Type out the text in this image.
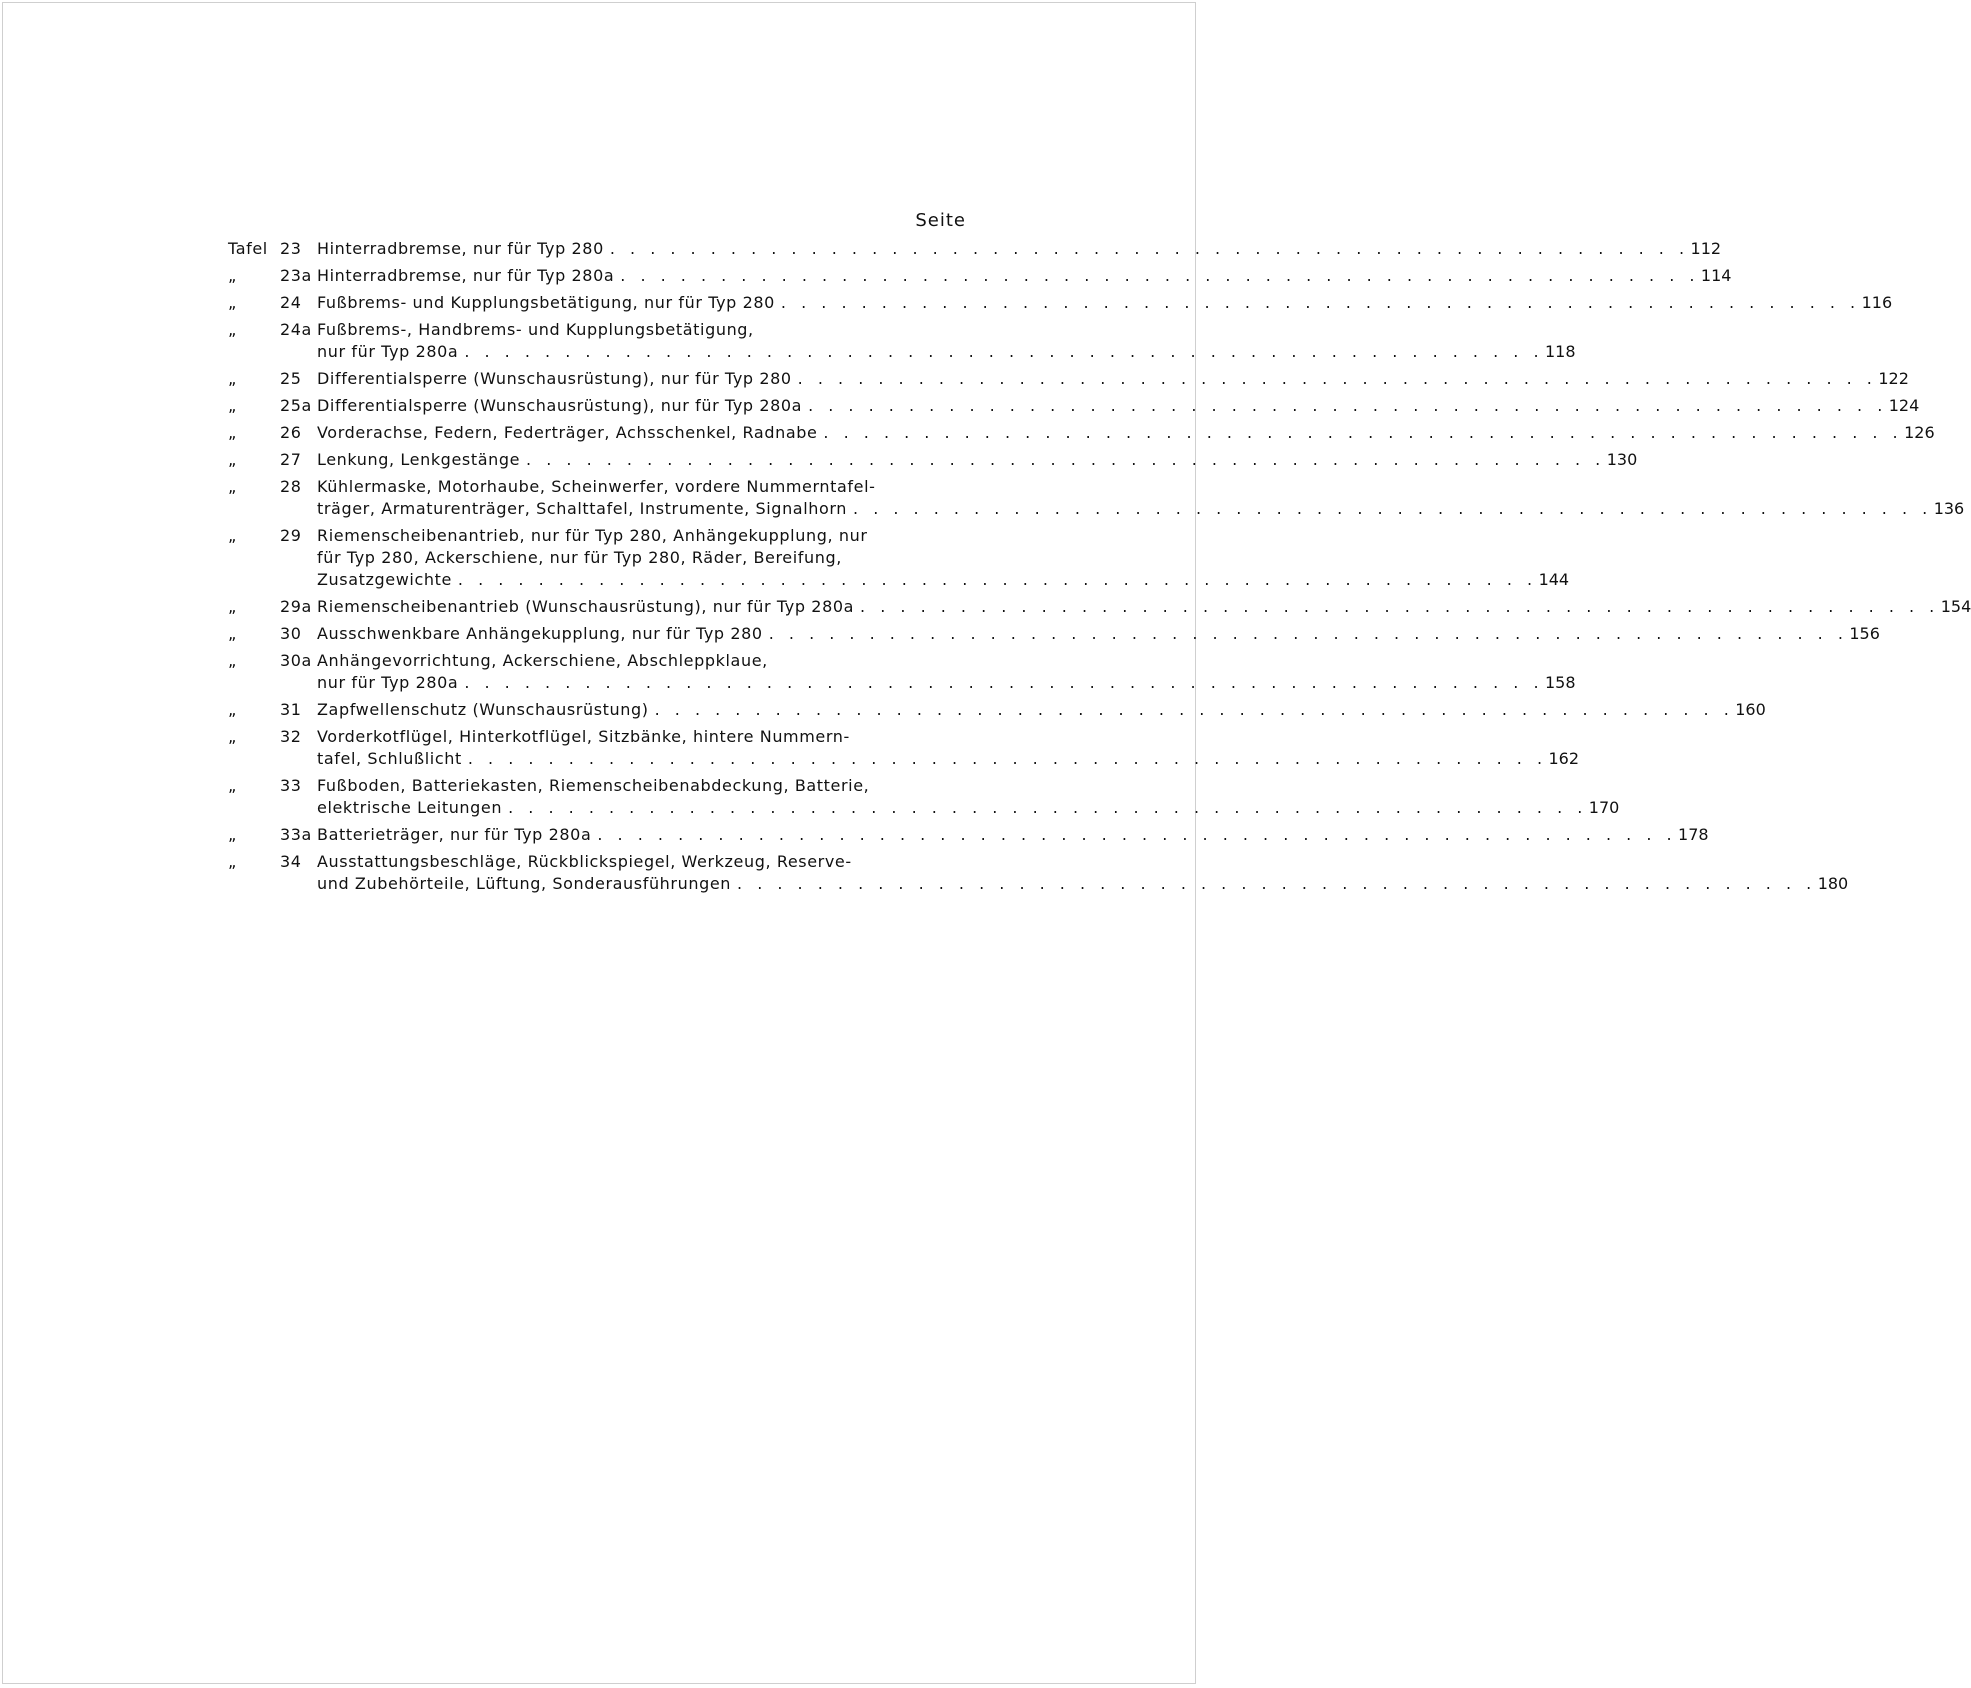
Seite
Tafel 23 Hinterradbremse, nur für Typ 280 . . . . . . . . . . . . . . . . . . . . . . . . . . . . . . . . . . . . . . . . . . . . . . . . . . . . . . 112
„	23a Hinterradbremse, nur für Typ 280a . . . . . . . . . . . . . . . . . . . . . . . . . . . . . . . . . . . . . . . . . . . . . . . . . . . . . . 114
„	24 Fußbrems- und Kupplungsbetätigung, nur für Typ 280 . . . . . . . . . . . . . . . . . . . . . . . . . . . . . . . . . . . . . . . . . . . . . . . . . . . . . . 116
„	24a Fußbrems-, Handbrems- und Kupplungsbetätigung,
nur für Typ 280a . . . . . . . . . . . . . . . . . . . . . . . . . . . . . . . . . . . . . . . . . . . . . . . . . . . . . . 118
„	25 Differentialsperre (Wunschausrüstung), nur für Typ 280 . . . . . . . . . . . . . . . . . . . . . . . . . . . . . . . . . . . . . . . . . . . . . . . . . . . . . . 122
„	25a Differentialsperre (Wunschausrüstung), nur für Typ 280a . . . . . . . . . . . . . . . . . . . . . . . . . . . . . . . . . . . . . . . . . . . . . . . . . . . . . . 124
„	26 Vorderachse, Federn, Federträger, Achsschenkel, Radnabe . . . . . . . . . . . . . . . . . . . . . . . . . . . . . . . . . . . . . . . . . . . . . . . . . . . . . . 126
„	27 Lenkung, Lenkgestänge . . . . . . . . . . . . . . . . . . . . . . . . . . . . . . . . . . . . . . . . . . . . . . . . . . . . . . 130
„	28 Kühlermaske, Motorhaube, Scheinwerfer, vordere Nummerntafel-
träger, Armaturenträger, Schalttafel, Instrumente, Signalhorn . . . . . . . . . . . . . . . . . . . . . . . . . . . . . . . . . . . . . . . . . . . . . . . . . . . . . . 136
„	29 Riemenscheibenantrieb, nur für Typ 280, Anhängekupplung, nur
für Typ 280, Ackerschiene, nur für Typ 280, Räder, Bereifung,
Zusatzgewichte . . . . . . . . . . . . . . . . . . . . . . . . . . . . . . . . . . . . . . . . . . . . . . . . . . . . . . 144
„	29a Riemenscheibenantrieb (Wunschausrüstung), nur für Typ 280a . . . . . . . . . . . . . . . . . . . . . . . . . . . . . . . . . . . . . . . . . . . . . . . . . . . . . . 154
„	30 Ausschwenkbare Anhängekupplung, nur für Typ 280 . . . . . . . . . . . . . . . . . . . . . . . . . . . . . . . . . . . . . . . . . . . . . . . . . . . . . . 156
„	30a Anhängevorrichtung, Ackerschiene, Abschleppklaue,
nur für Typ 280a . . . . . . . . . . . . . . . . . . . . . . . . . . . . . . . . . . . . . . . . . . . . . . . . . . . . . . 158
„	31 Zapfwellenschutz (Wunschausrüstung) . . . . . . . . . . . . . . . . . . . . . . . . . . . . . . . . . . . . . . . . . . . . . . . . . . . . . . 160
„	32 Vorderkotflügel, Hinterkotflügel, Sitzbänke, hintere Nummern-
tafel, Schlußlicht . . . . . . . . . . . . . . . . . . . . . . . . . . . . . . . . . . . . . . . . . . . . . . . . . . . . . . 162
„	33 Fußboden, Batteriekasten, Riemenscheibenabdeckung, Batterie,
elektrische Leitungen . . . . . . . . . . . . . . . . . . . . . . . . . . . . . . . . . . . . . . . . . . . . . . . . . . . . . . 170
„	33a Batterieträger, nur für Typ 280a . . . . . . . . . . . . . . . . . . . . . . . . . . . . . . . . . . . . . . . . . . . . . . . . . . . . . . 178
„	34 Ausstattungsbeschläge, Rückblickspiegel, Werkzeug, Reserve-
und Zubehörteile, Lüftung, Sonderausführungen . . . . . . . . . . . . . . . . . . . . . . . . . . . . . . . . . . . . . . . . . . . . . . . . . . . . . . 180
